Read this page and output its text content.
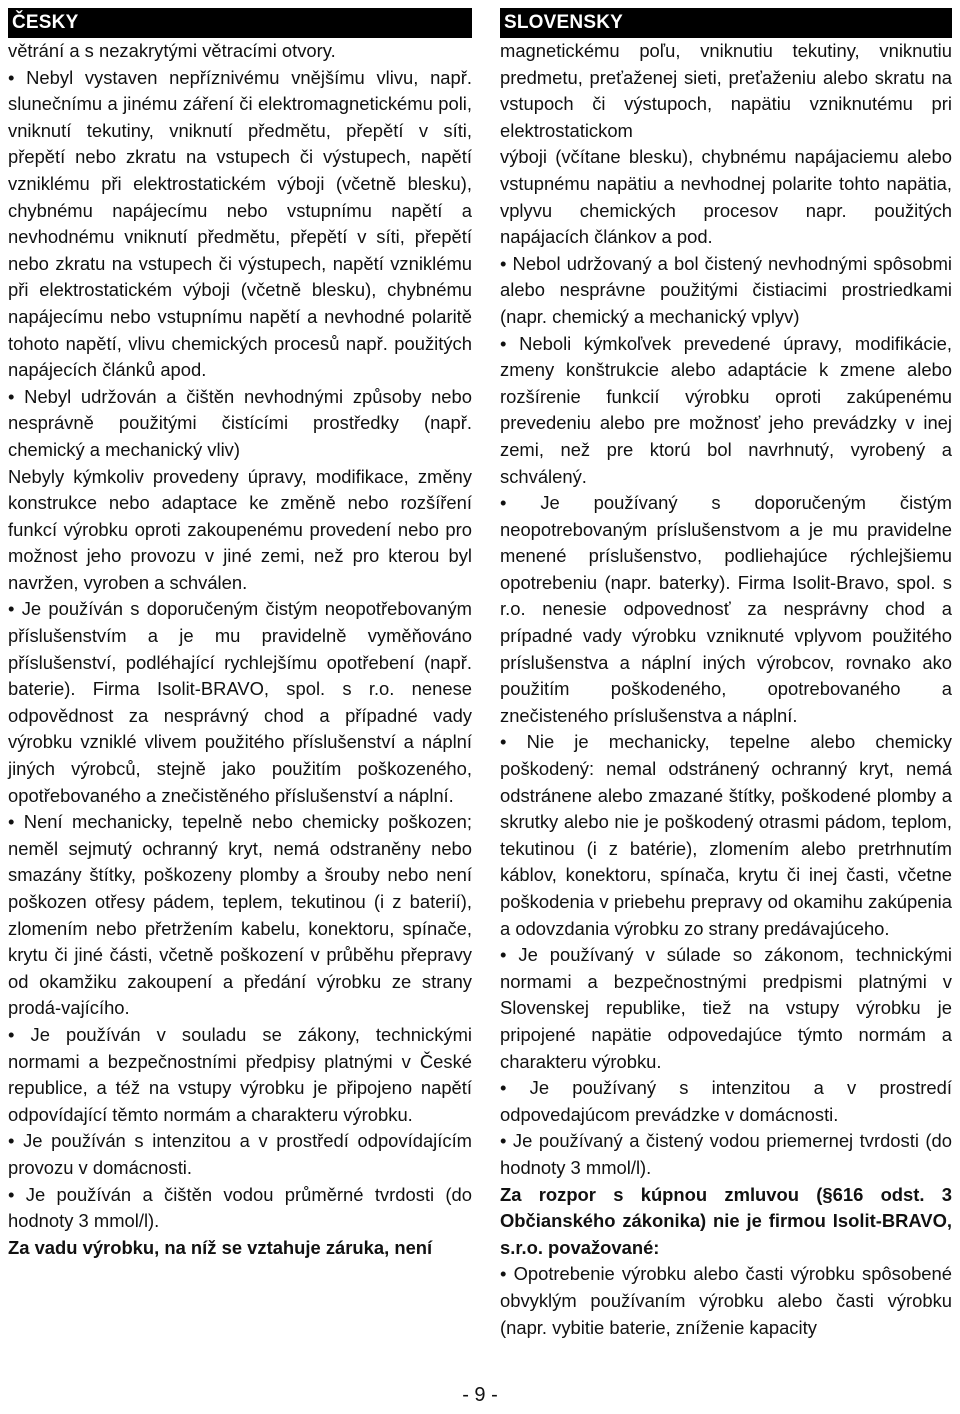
ČESKY

větrání a s nezakrytými větracími otvory.

• Nebyl vystaven nepříznivému vnějšímu vlivu, např. slunečnímu a jinému záření či elektromagnetickému poli, vniknutí tekutiny, vniknutí předmětu, přepětí v síti, přepětí nebo zkratu na vstupech či výstupech, napětí vzniklému při elektrostatickém výboji (včetně blesku), chybnému napájecímu nebo vstupnímu napětí a nevhodnému vniknutí předmětu, přepětí v síti, přepětí nebo zkratu na vstupech či výstupech, napětí vzniklému při elektrostatickém výboji (včetně blesku), chybnému napájecímu nebo vstupnímu napětí a nevhodné polaritě tohoto napětí, vlivu chemických procesů např. použitých napájecích článků apod.

• Nebyl udržován a čištěn nevhodnými způsoby nebo nesprávně použitými čistícími prostředky (např. chemický a mechanický vliv)

Nebyly kýmkoliv provedeny úpravy, modifikace, změny konstrukce nebo adaptace ke změně nebo rozšíření funkcí výrobku oproti zakoupenému provedení nebo pro možnost jeho provozu v jiné zemi, než pro kterou byl navržen, vyroben a schválen.

• Je používán s doporučeným čistým neopotřebovaným příslušenstvím a je mu pravidelně vyměňováno příslušenství, podléhající rychlejšímu opotřebení (např. baterie). Firma Isolit-BRAVO, spol. s r.o. nenese odpovědnost za nesprávný chod a případné vady výrobku vzniklé vlivem použitého příslušenství a náplní jiných výrobců, stejně jako použitím poškozeného, opotřebovaného a znečistěného příslušenství a náplní.

• Není mechanicky, tepelně nebo chemicky poškozen; neměl sejmutý ochranný kryt, nemá odstraněny nebo smazány štítky, poškozeny plomby a šrouby nebo není poškozen otřesy pádem, teplem, tekutinou (i z baterií), zlomením nebo přetržením kabelu, konektoru, spínače, krytu či jiné části, včetně poškození v průběhu přepravy od okamžiku zakoupení a předání výrobku ze strany prodá-vajícího.

• Je používán v souladu se zákony, technickými normami a bezpečnostními předpisy platnými v České republice, a též na vstupy výrobku je připojeno napětí odpovídající těmto normám a charakteru výrobku.

• Je používán s intenzitou a v prostředí odpovídajícím provozu v domácnosti.

• Je používán a čištěn vodou průměrné tvrdosti (do hodnoty 3 mmol/l).

Za vadu výrobku, na níž se vztahuje záruka, není

SLOVENSKY

magnetickému poľu, vniknutiu tekutiny, vniknutiu predmetu, preťaženej sieti, preťaženiu alebo skratu na vstupoch či výstupoch, napätiu vzniknutému pri elektrostatickom

výboji (včítane blesku), chybnému napájaciemu alebo vstupnému napätiu a nevhodnej polarite tohto napätia, vplyvu chemických procesov napr. použitých napájacích článkov a pod.

• Nebol udržovaný a bol čistený nevhodnými spôsobmi alebo nesprávne použitými čistiacimi prostriedkami (napr. chemický a mechanický vplyv)

• Neboli kýmkoľvek prevedené úpravy, modifikácie, zmeny konštrukcie alebo adaptácie k zmene alebo rozšírenie funkcií výrobku oproti zakúpenému prevedeniu alebo pre možnosť jeho prevádzky v inej zemi, než pre ktorú bol navrhnutý, vyrobený a schválený.

• Je používaný s doporučeným čistým neopotrebovaným príslušenstvom a je mu pravidelne menené príslušenstvo, podliehajúce rýchlejšiemu opotrebeniu (napr. baterky). Firma Isolit-Bravo, spol. s r.o. nenesie odpovednosť za nesprávny chod a prípadné vady výrobku vzniknuté vplyvom použitého príslušenstva a náplní iných výrobcov, rovnako ako použitím poškodeného, opotrebovaného a znečisteného príslušenstva a náplní.

• Nie je mechanicky, tepelne alebo chemicky poškodený: nemal odstránený ochranný kryt, nemá odstránene alebo zmazané štítky, poškodené plomby a skrutky alebo nie je poškodený otrasmi pádom, teplom, tekutinou (i z batérie), zlomením alebo pretrhnutím káblov, konektoru, spínača, krytu či inej časti, včetne poškodenia v priebehu prepravy od okamihu zakúpenia a odovzdania výrobku zo strany predávajúceho.

• Je používaný v súlade so zákonom, technickými normami a bezpečnostnými predpismi platnými v Slovenskej republike, tiež na vstupy výrobku je pripojené napätie odpovedajúce týmto normám a charakteru výrobku.

• Je používaný s intenzitou a v prostredí odpovedajúcom prevádzke v domácnosti.

• Je používaný a čistený vodou priemernej tvrdosti (do hodnoty 3 mmol/l).

Za rozpor s kúpnou zmluvou (§616 odst. 3 Občianského zákonika) nie je firmou Isolit-BRAVO, s.r.o. považované:

• Opotrebenie výrobku alebo časti výrobku spôsobené obvyklým používaním výrobku alebo časti výrobku (napr. vybitie baterie, zníženie kapacity

- 9 -
